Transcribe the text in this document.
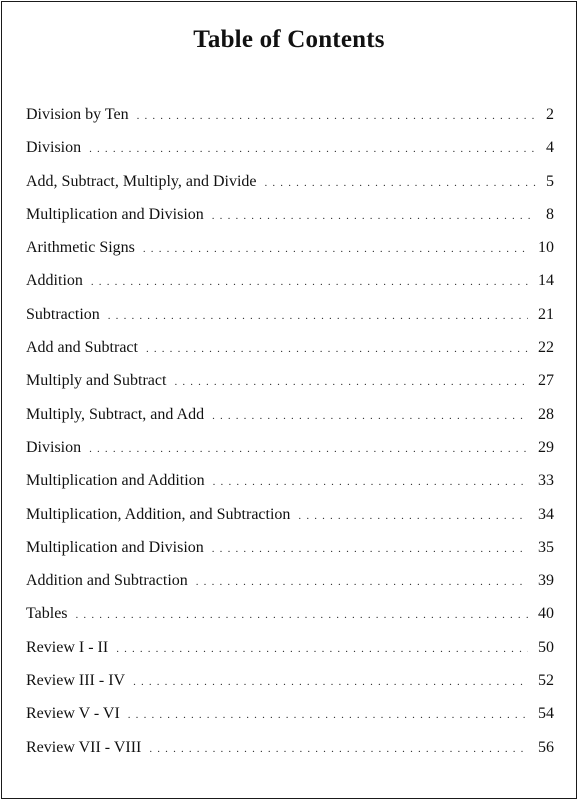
Table of Contents
Division by Ten . . .	2
Division . . .	4
Add, Subtract, Multiply, and Divide . . .	5
Multiplication and Division . . .	8
Arithmetic Signs . . .	10
Addition . . .	14
Subtraction . . .	21
Add and Subtract . . .	22
Multiply and Subtract . . .	27
Multiply, Subtract, and Add . . .	28
Division . . .	29
Multiplication and Addition . . .	33
Multiplication, Addition, and Subtraction . . .	34
Multiplication and Division . . .	35
Addition and Subtraction . . .	39
Tables . . .	40
Review I - II . . .	50
Review III - IV . . .	52
Review V - VI . . .	54
Review VII - VIII . . .	56
